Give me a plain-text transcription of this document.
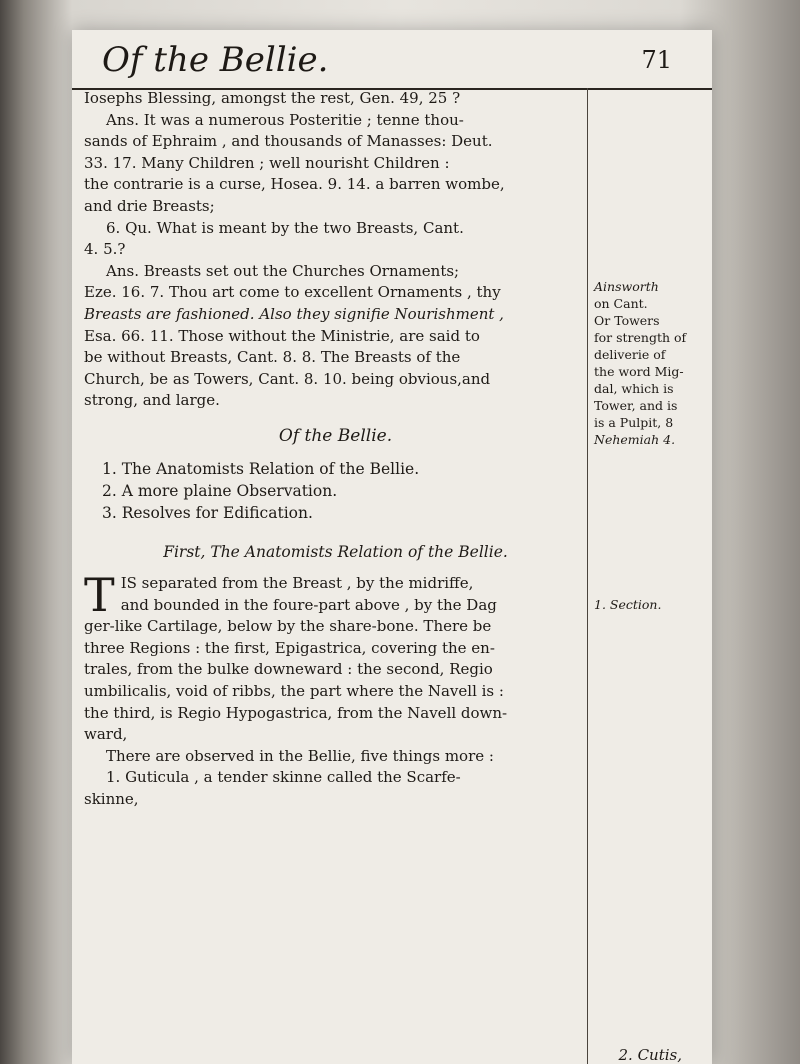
Of the Bellie.	71

Iosephs Blessing, amongst the rest, Gen. 49, 25 ?
Ans. It was a numerous Posteritie ; tenne thou-
sands of Ephraim , and thousands of Manasses: Deut.
33. 17. Many Children ; well nourisht Children :
the contrarie is a curse, Hosea. 9. 14. a barren wombe,
and drie Breasts;

6. Qu. What is meant by the two Breasts, Cant.
4. 5.?

Ans. Breasts set out the Churches Ornaments;
Eze. 16. 7. Thou art come to excellent Ornaments , thy
Breasts are fashioned. Also they signifie Nourishment ,
Esa. 66. 11. Those without the Ministrie, are said to
be without Breasts, Cant. 8. 8. The Breasts of the
Church, be as Towers, Cant. 8. 10. being obvious,and
strong, and large.

Of the Bellie.
1. The Anatomists Relation of the Bellie.
2. A more plaine Observation.
3. Resolves for Edification.
First, The Anatomists Relation of the Bellie.

T IS separated from the Breast , by the midriffe,
and bounded in the foure-part above , by the Dag
ger-like Cartilage, below by the share-bone. There be
three Regions : the first, Epigastrica, covering the en-
trales, from the bulke downeward : the second, Regio
umbilicalis, void of ribbs, the part where the Navell is :
the third, is Regio Hypogastrica, from the Navell down-
ward,

There are observed in the Bellie, five things more :
1. Guticula , a tender skinne called the Scarfe-
skinne,

Ainsworth
on Cant.
Or Towers
for strength of
deliverie of
the word Mig-
dal, which is
Tower, and is
is a Pulpit, 8
Nehemiah 4.
1. Section.
2. Cutis,
